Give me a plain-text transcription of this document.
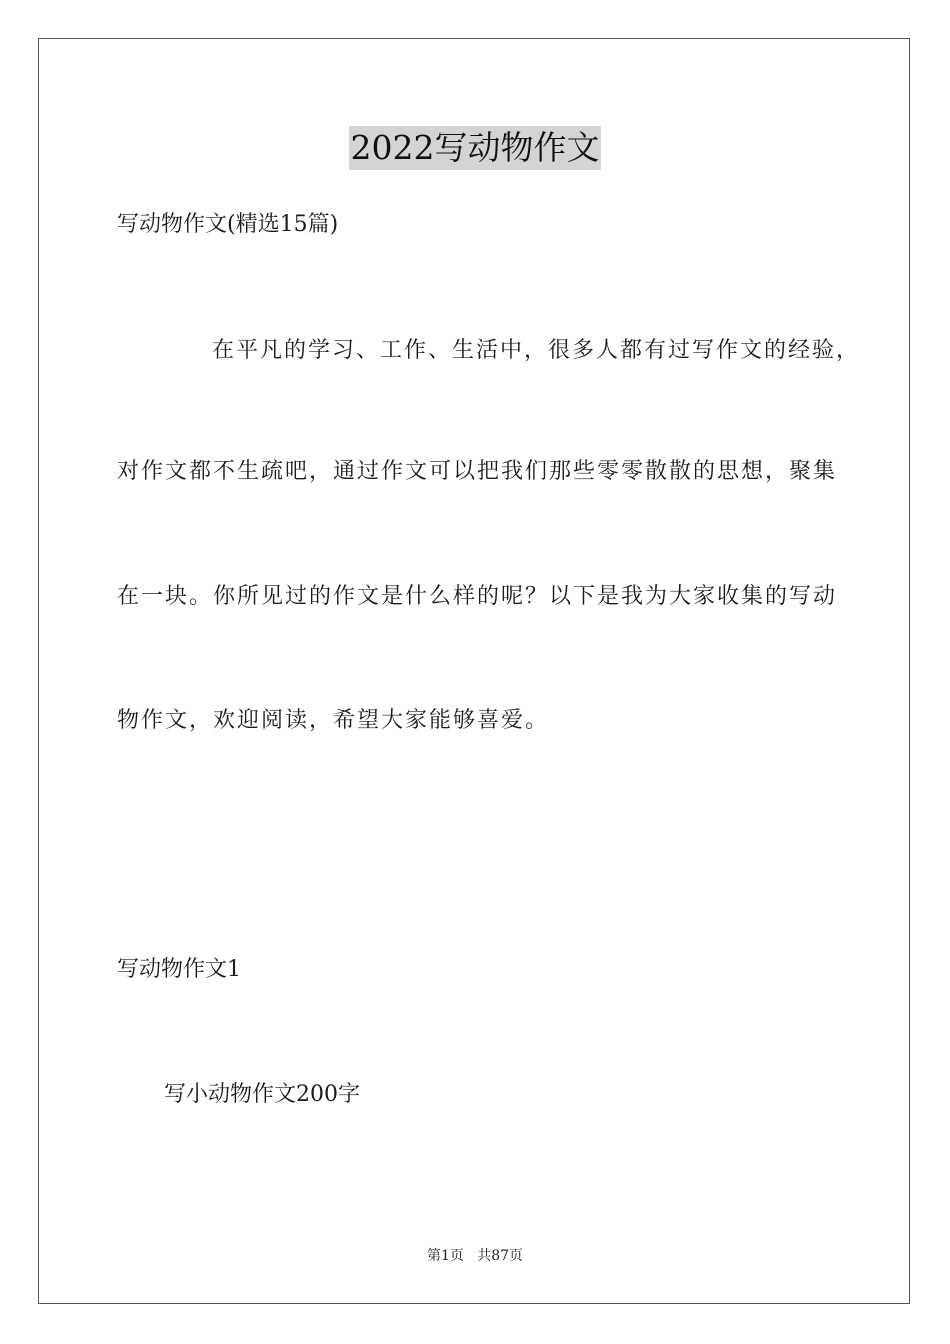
2022写动物作文
写动物作文(精选15篇)
在平凡的学习、工作、生活中，很多人都有过写作文的经验，
对作文都不生疏吧，通过作文可以把我们那些零零散散的思想，聚集
在一块。你所见过的作文是什么样的呢？以下是我为大家收集的写动
物作文，欢迎阅读，希望大家能够喜爱。
写动物作文1
写小动物作文200字
第1页   共87页
